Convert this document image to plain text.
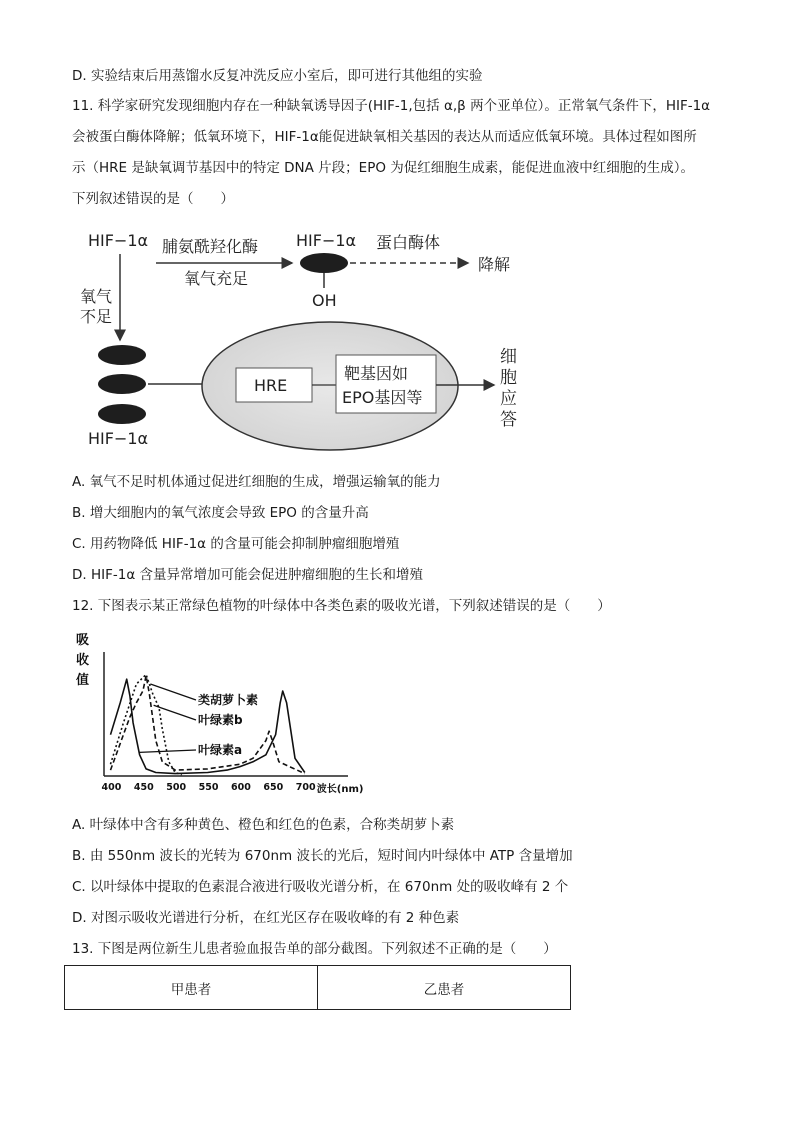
D. 实验结束后用蒸馏水反复冲洗反应小室后，即可进行其他组的实验
11. 科学家研究发现细胞内存在一种缺氧诱导因子(HIF-1,包括 α,β 两个亚单位）。正常氧气条件下，HIF-1α
会被蛋白酶体降解；低氧环境下，HIF-1α能促进缺氧相关基因的表达从而适应低氧环境。具体过程如图所
示（HRE 是缺氧调节基因中的特定 DNA 片段；EPO 为促红细胞生成素，能促进血液中红细胞的生成）。
下列叙述错误的是（　　）
HIF−1α 脯氨酰羟化酶
氧气充足
HIF−1α
OH
蛋白酶体
降解
氧气
不足
HIF−1α
HRE
靶基因如
EPO基因等
细
胞
应
答
A. 氧气不足时机体通过促进红细胞的生成，增强运输氧的能力
B. 增大细胞内的氧气浓度会导致 EPO 的含量升高
C. 用药物降低 HIF-1α 的含量可能会抑制肿瘤细胞增殖
D. HIF-1α 含量异常增加可能会促进肿瘤细胞的生长和增殖
12. 下图表示某正常绿色植物的叶绿体中各类色素的吸收光谱，下列叙述错误的是（　　）
吸
收
值
400 450 500 550 600 650 700 波长(nm)
类胡萝卜素
叶绿素b
叶绿素a
A. 叶绿体中含有多种黄色、橙色和红色的色素，合称类胡萝卜素
B. 由 550nm 波长的光转为 670nm 波长的光后，短时间内叶绿体中 ATP 含量增加
C. 以叶绿体中提取的色素混合液进行吸收光谱分析，在 670nm 处的吸收峰有 2 个
D. 对图示吸收光谱进行分析，在红光区存在吸收峰的有 2 种色素
13. 下图是两位新生儿患者验血报告单的部分截图。下列叙述不正确的是（　　）
甲患者	乙患者
